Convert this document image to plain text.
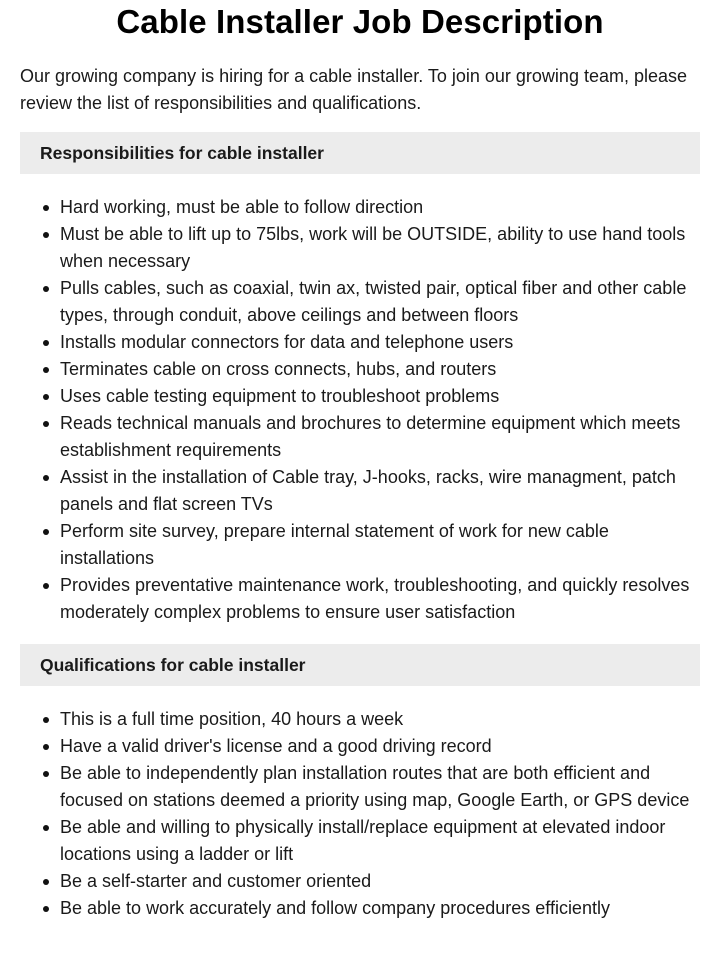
Cable Installer Job Description

Our growing company is hiring for a cable installer. To join our growing team, please review the list of responsibilities and qualifications.

Responsibilities for cable installer
Hard working, must be able to follow direction
Must be able to lift up to 75lbs, work will be OUTSIDE, ability to use hand tools when necessary
Pulls cables, such as coaxial, twin ax, twisted pair, optical fiber and other cable types, through conduit, above ceilings and between floors
Installs modular connectors for data and telephone users
Terminates cable on cross connects, hubs, and routers
Uses cable testing equipment to troubleshoot problems
Reads technical manuals and brochures to determine equipment which meets establishment requirements
Assist in the installation of Cable tray, J-hooks, racks, wire managment, patch panels and flat screen TVs
Perform site survey, prepare internal statement of work for new cable installations
Provides preventative maintenance work, troubleshooting, and quickly resolves moderately complex problems to ensure user satisfaction
Qualifications for cable installer
This is a full time position, 40 hours a week
Have a valid driver's license and a good driving record
Be able to independently plan installation routes that are both efficient and focused on stations deemed a priority using map, Google Earth, or GPS device
Be able and willing to physically install/replace equipment at elevated indoor locations using a ladder or lift
Be a self-starter and customer oriented
Be able to work accurately and follow company procedures efficiently
